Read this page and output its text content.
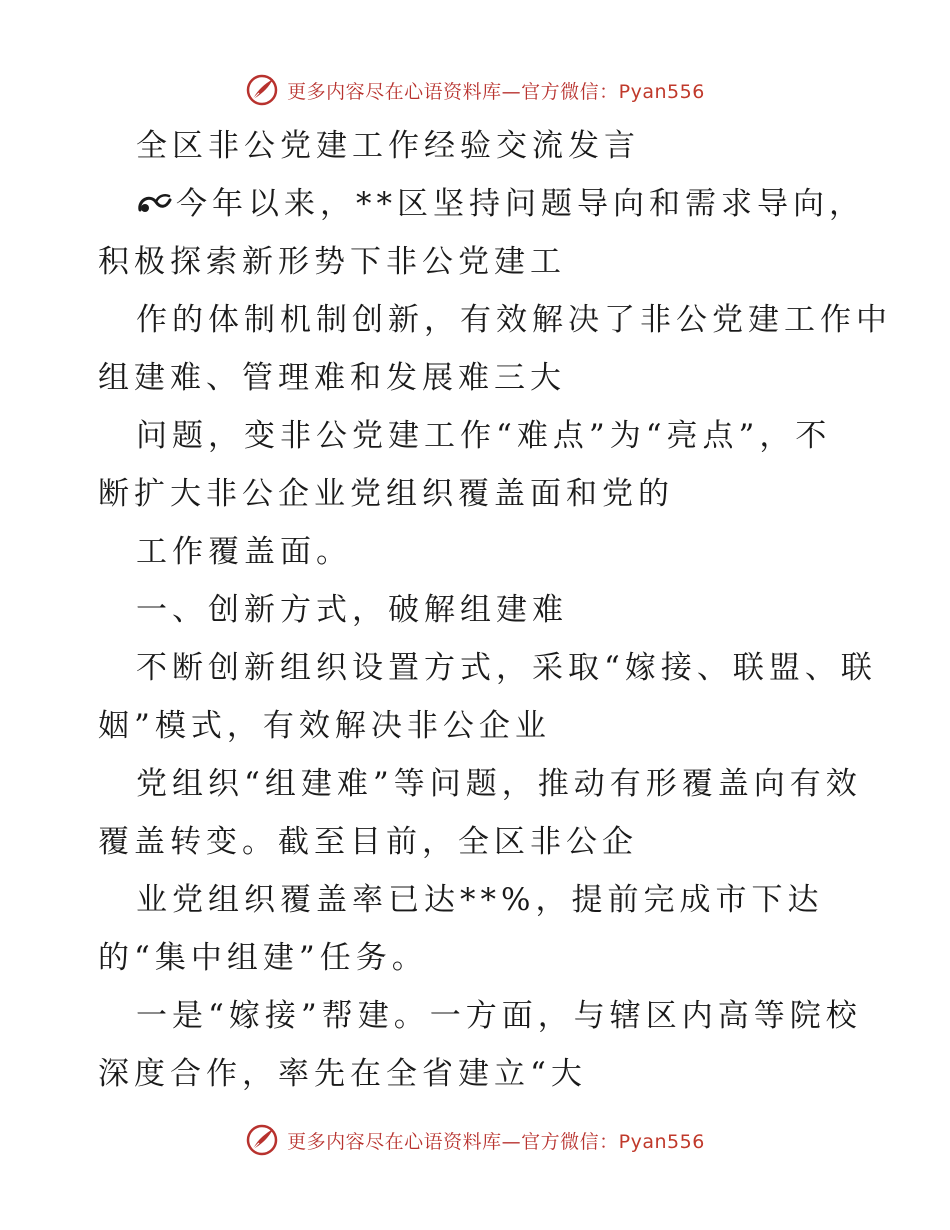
更多内容尽在心语资料库—官方微信：Pyan556
全区非公党建工作经验交流发言
今年以来，**区坚持问题导向和需求导向，
积极探索新形势下非公党建工
作的体制机制创新，有效解决了非公党建工作中
组建难、管理难和发展难三大
问题，变非公党建工作“难点”为“亮点”，不
断扩大非公企业党组织覆盖面和党的
工作覆盖面。
一、创新方式，破解组建难
不断创新组织设置方式，采取“嫁接、联盟、联
姻”模式，有效解决非公企业
党组织“组建难”等问题，推动有形覆盖向有效
覆盖转变。截至目前，全区非公企
业党组织覆盖率已达**%，提前完成市下达
的“集中组建”任务。
一是“嫁接”帮建。一方面，与辖区内高等院校
深度合作，率先在全省建立“大
更多内容尽在心语资料库—官方微信：Pyan556
